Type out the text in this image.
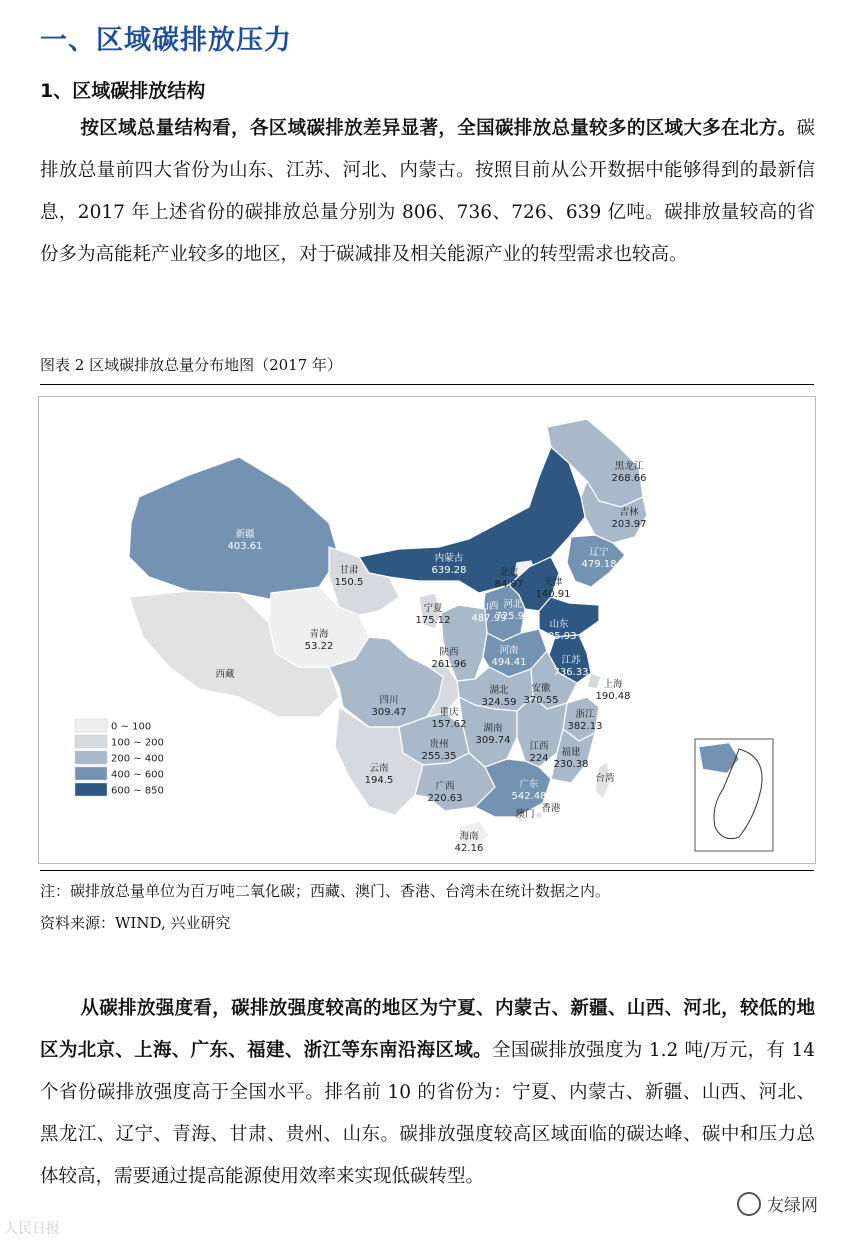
一、区域碳排放压力
1、区域碳排放结构
按区域总量结构看，各区域碳排放差异显著，全国碳排放总量较多的区域大多在北方。碳排放总量前四大省份为山东、江苏、河北、内蒙古。按照目前从公开数据中能够得到的最新信息，2017 年上述省份的碳排放总量分别为 806、736、726、639 亿吨。碳排放量较高的省份多为高能耗产业较多的地区，对于碳减排及相关能源产业的转型需求也较高。
图表 2 区域碳排放总量分布地图（2017 年）
黑龙江
268.66
吉林
203.97
辽宁
479.18
新疆
403.61
内蒙古
639.28
甘肃
150.5
北京
84.97 天津
140.91
河北
725.92
山西
487.99
宁夏
175.12
青海
53.22
山东
805.93
陕西
261.96
河南
494.41	江苏
736.33
上海
190.48
安徽
370.55
湖北
324.59
西藏
四川
309.47	重庆
157.62
浙江
382.13
湖南
309.74
江西
224
贵州
255.35	福建
230.38
云南
194.5
广西
220.63
广东
542.48
台湾
香港
澳门
海南
42.16
0 ~ 100
100 ~ 200
200 ~ 400
400 ~ 600
600 ~ 850
注：碳排放总量单位为百万吨二氧化碳；西藏、澳门、香港、台湾未在统计数据之内。
资料来源：WIND, 兴业研究
从碳排放强度看，碳排放强度较高的地区为宁夏、内蒙古、新疆、山西、河北，较低的地区为北京、上海、广东、福建、浙江等东南沿海区域。全国碳排放强度为 1.2 吨/万元，有 14 个省份碳排放强度高于全国水平。排名前 10 的省份为：宁夏、内蒙古、新疆、山西、河北、黑龙江、辽宁、青海、甘肃、贵州、山东。碳排放强度较高区域面临的碳达峰、碳中和压力总体较高，需要通过提高能源使用效率来实现低碳转型。
友绿网
人民日报
